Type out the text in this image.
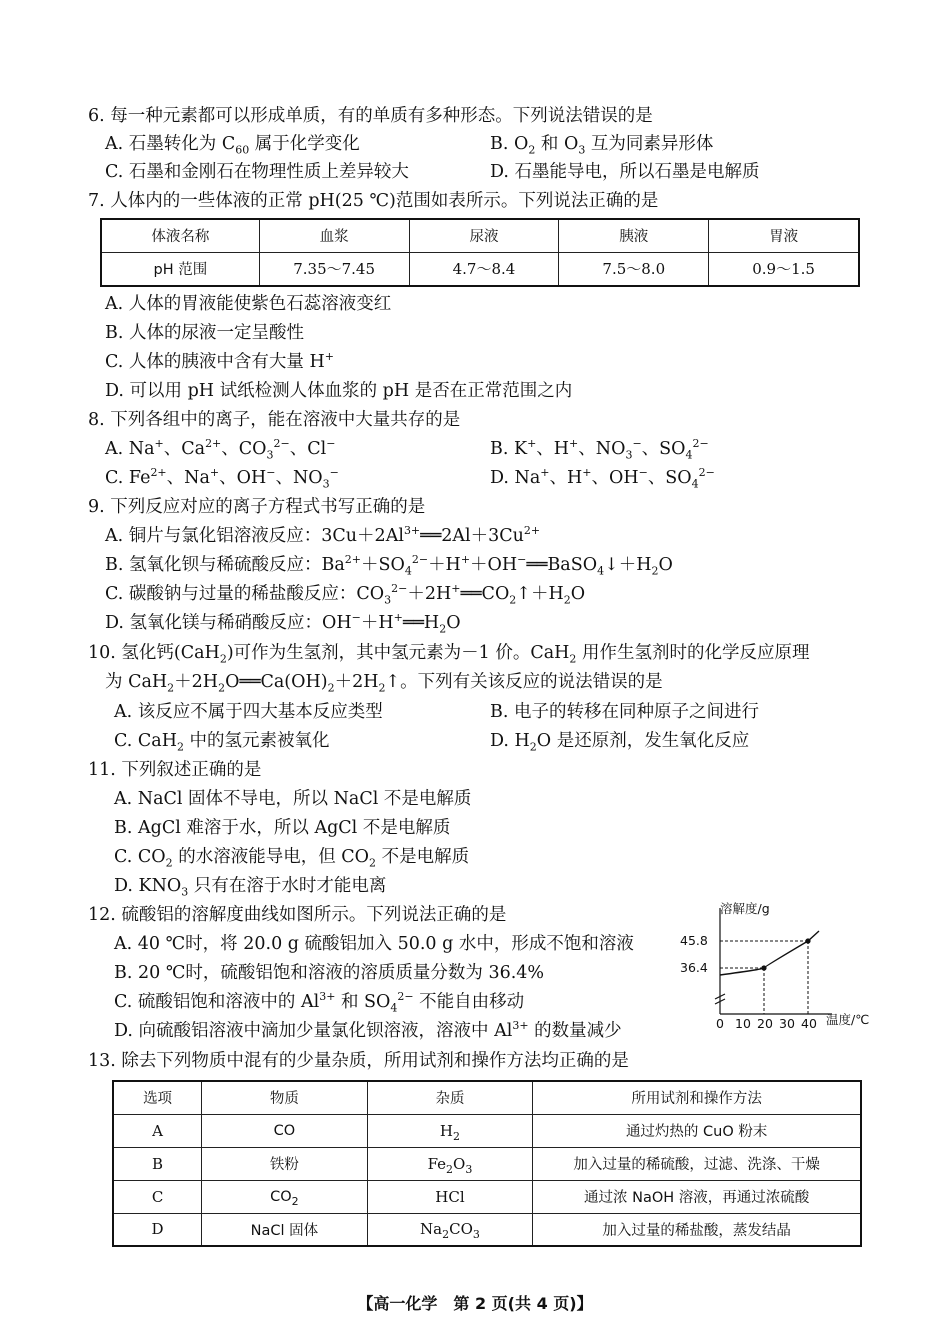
6. 每一种元素都可以形成单质，有的单质有多种形态。下列说法错误的是
A. 石墨转化为 $C_{60}$ 属于化学变化	B. $O_2$ 和 $O_3$ 互为同素异形体
C. 石墨和金刚石在物理性质上差异较大	D. 石墨能导电，所以石墨是电解质
7. 人体内的一些体液的正常 pH(25 ℃)范围如表所示。下列说法正确的是
体液名称	血浆	尿液	胰液	胃液
pH 范围	7.35～7.45	4.7～8.4	7.5～8.0	0.9～1.5
A. 人体的胃液能使紫色石蕊溶液变红
B. 人体的尿液一定呈酸性
C. 人体的胰液中含有大量 H+
D. 可以用 pH 试纸检测人体血浆的 pH 是否在正常范围之内
8. 下列各组中的离子，能在溶液中大量共存的是
A. Na+、$Ca^{2+}$、$CO_3^{2-}$、Cl−	B. K+、H+、$NO_3^-$、$SO_4^{2-}$
C. $Fe^{2+}$、Na+、OH−、$NO_3^-$	D. Na+、H+、OH−、$SO_4^{2-}$
9. 下列反应对应的离子方程式书写正确的是
A. 铜片与氯化铝溶液反应：$3Cu+2Al^{3+}══2Al+3Cu^{2+}$
B. 氢氧化钡与稀硫酸反应：$Ba^{2+}+SO_4^{2-}+H^++OH^-══BaSO_4↓+H_2O$
C. 碳酸钠与过量的稀盐酸反应：$CO_3^{2-}+2H^+══CO_2↑+H_2O$
D. 氢氧化镁与稀硝酸反应：$OH^-+H^+══H_2O$
10. 氢化钙(CaH$_2$)可作为生氢剂，其中氢元素为－1 价。CaH$_2$ 用作生氢剂时的化学反应原理
为 $CaH_2+2H_2O══Ca(OH)_2+2H_2↑$。下列有关该反应的说法错误的是
A. 该反应不属于四大基本反应类型	B. 电子的转移在同种原子之间进行
C. CaH$_2$ 中的氢元素被氧化	D. $H_2O$ 是还原剂，发生氧化反应
11. 下列叙述正确的是
A. NaCl 固体不导电，所以 NaCl 不是电解质
B. AgCl 难溶于水，所以 AgCl 不是电解质
C. $CO_2$ 的水溶液能导电，但 $CO_2$ 不是电解质
D. $KNO_3$ 只有在溶于水时才能电离
12. 硫酸铝的溶解度曲线如图所示。下列说法正确的是
A. 40 ℃时，将 20.0 g 硫酸铝加入 50.0 g 水中，形成不饱和溶液
B. 20 ℃时，硫酸铝饱和溶液的溶质质量分数为 36.4%
C. 硫酸铝饱和溶液中的 $Al^{3+}$ 和 $SO_4^{2-}$ 不能自由移动
D. 向硫酸铝溶液中滴加少量氯化钡溶液，溶液中 $Al^{3+}$ 的数量减少
溶解度/g
温度/℃
0 10 20 30 40
36.4
45.8
13. 除去下列物质中混有的少量杂质，所用试剂和操作方法均正确的是
选项	物质	杂质	所用试剂和操作方法
A	CO	$H_2$	通过灼热的 CuO 粉末
B	铁粉	$Fe_2O_3$	加入过量的稀硫酸，过滤、洗涤、干燥
C	$CO_2$	HCl	通过浓 NaOH 溶液，再通过浓硫酸
D	NaCl 固体	$Na_2CO_3$	加入过量的稀盐酸，蒸发结晶
【高一化学　第 2 页(共 4 页)】
